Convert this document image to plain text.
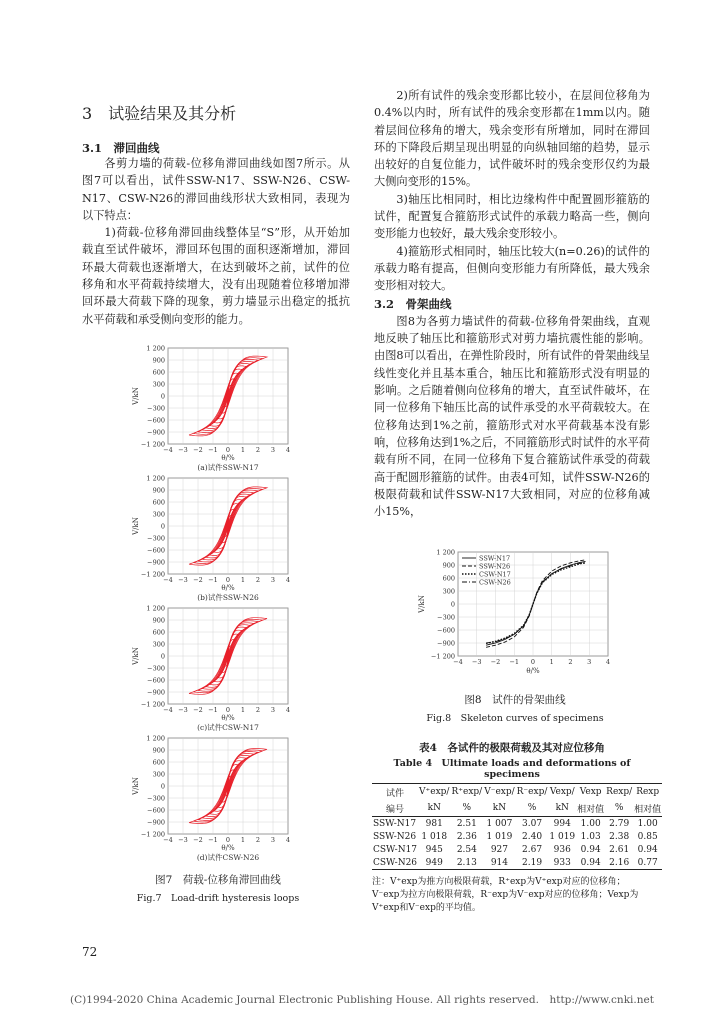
3　试验结果及其分析
3.1　滞回曲线

各剪力墙的荷载-位移角滞回曲线如图7所示。从图7可以看出，试件SSW-N17、SSW-N26、CSW-N17、CSW-N26的滞回曲线形状大致相同，表现为以下特点：

1)荷载-位移角滞回曲线整体呈“S”形，从开始加载直至试件破坏，滞回环包围的面积逐渐增加，滞回环最大荷载也逐渐增大，在达到破坏之前，试件的位移角和水平荷载持续增大，没有出现随着位移增加滞回环最大荷载下降的现象，剪力墙显示出稳定的抵抗水平荷载和承受侧向变形的能力。

1 200
900
600
300
0
−300
−600
−900
−1 200
−4 −3 −2 −1 0 1 2 3 4
V/kN
θ/%
(a)试件SSW-N17
1 200
900
600
300
0
−300
−600
−900
−1 200
−4 −3 −2 −1 0 1 2 3 4
V/kN
θ/%
(b)试件SSW-N26
1 200
900
600
300
0
−300
−600
−900
−1 200
−4 −3 −2 −1 0 1 2 3 4
V/kN
θ/%
(c)试件CSW-N17
1 200
900
600
300
0
−300
−600
−900
−1 200
−4 −3 −2 −1 0 1 2 3 4
V/kN
θ/%
(d)试件CSW-N26
图7　荷载-位移角滞回曲线
Fig.7　Load-drift hysteresis loops

2)所有试件的残余变形都比较小，在层间位移角为0.4%以内时，所有试件的残余变形都在1mm以内。随着层间位移角的增大，残余变形有所增加，同时在滞回环的下降段后期呈现出明显的向纵轴回缩的趋势，显示出较好的自复位能力，试件破坏时的残余变形仅约为最大侧向变形的15%。

3)轴压比相同时，相比边缘构件中配置圆形箍筋的试件，配置复合箍筋形式试件的承载力略高一些，侧向变形能力也较好，最大残余变形较小。

4)箍筋形式相同时，轴压比较大(n=0.26)的试件的承载力略有提高，但侧向变形能力有所降低，最大残余变形相对较大。

3.2　骨架曲线

图8为各剪力墙试件的荷载-位移角骨架曲线，直观地反映了轴压比和箍筋形式对剪力墙抗震性能的影响。由图8可以看出，在弹性阶段时，所有试件的骨架曲线呈线性变化并且基本重合，轴压比和箍筋形式没有明显的影响。之后随着侧向位移角的增大，直至试件破坏，在同一位移角下轴压比高的试件承受的水平荷载较大。在位移角达到1%之前，箍筋形式对水平荷载基本没有影响，位移角达到1%之后，不同箍筋形式时试件的水平荷载有所不同，在同一位移角下复合箍筋试件承受的荷载高于配圆形箍筋的试件。由表4可知，试件SSW-N26的极限荷载和试件SSW-N17大致相同，对应的位移角减小15%，

1 200
900
600
300
0
−300
−600
−900
−1 200
−4 −3 −2 −1 0 1 2 3 4
V/kN
θ/%
SSW-N17
SSW-N26
CSW-N17
CSW-N26
图8　试件的骨架曲线
Fig.8　Skeleton curves of specimens
表4　各试件的极限荷载及其对应位移角
Table 4　Ultimate loads and deformations of specimens
试件	V⁺exp/	R⁺exp/	V⁻exp/	R⁻exp/	Vexp/	Vexp	Rexp/	Rexp
编号	kN	%	kN	%	kN	相对值	%	相对值
SSW-N17	981	2.51	1 007	3.07	994	1.00	2.79	1.00
SSW-N26	1 018	2.36	1 019	2.40	1 019	1.03	2.38	0.85
CSW-N17	945	2.54	927	2.67	936	0.94	2.61	0.94
CSW-N26	949	2.13	914	2.19	933	0.94	2.16	0.77
注：V⁺exp为推方向极限荷载，R⁺exp为V⁺exp对应的位移角；V⁻exp为拉方向极限荷载，R⁻exp为V⁻exp对应的位移角；Vexp为V⁺exp和V⁻exp的平均值。
72
(C)1994-2020 China Academic Journal Electronic Publishing House. All rights reserved.　http://www.cnki.net
